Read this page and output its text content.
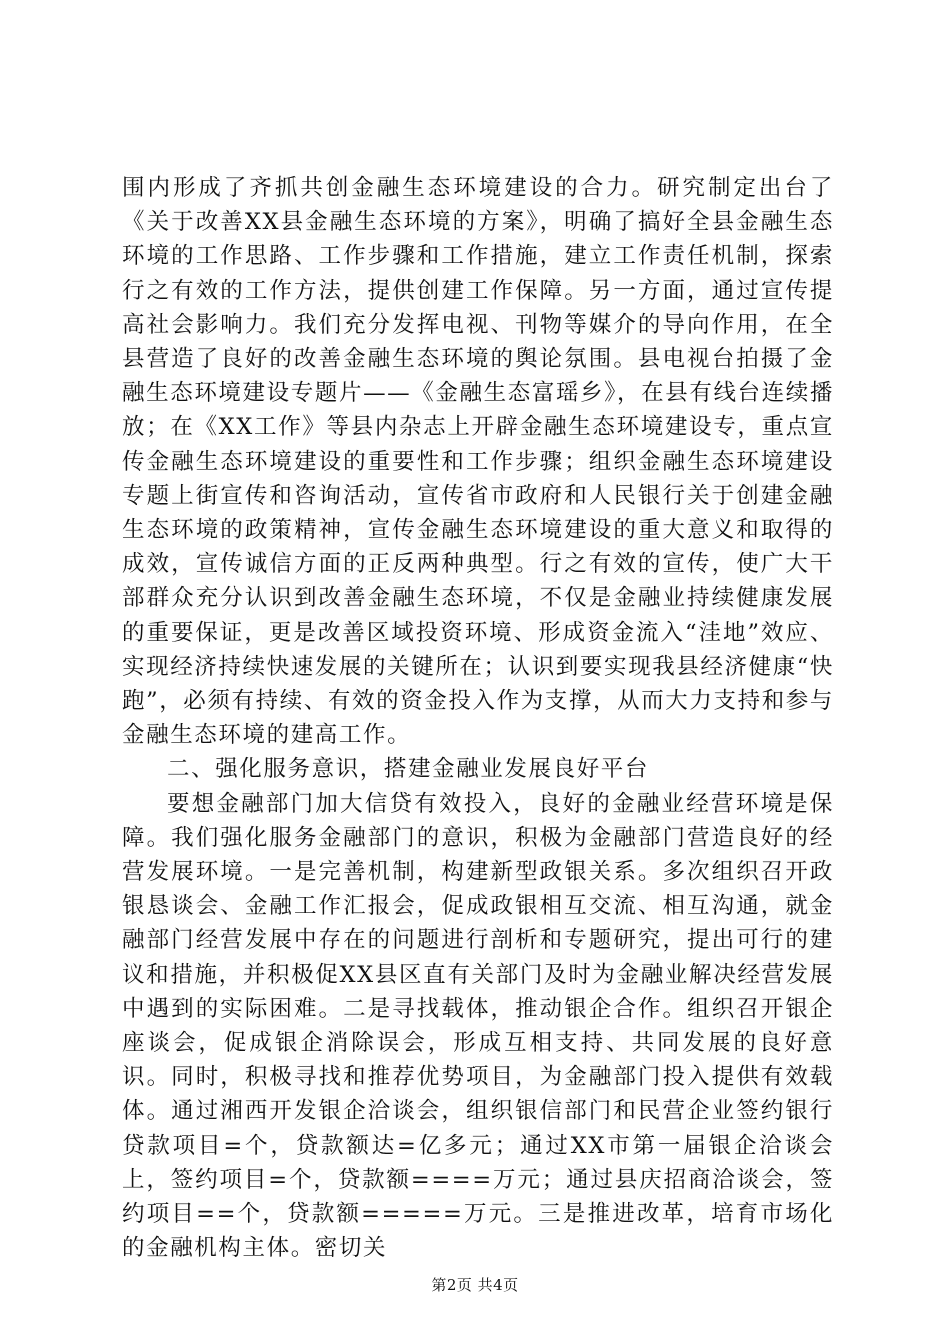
围内形成了齐抓共创金融生态环境建设的合力。研究制定出台了《关于改善XX县金融生态环境的方案》，明确了搞好全县金融生态环境的工作思路、工作步骤和工作措施，建立工作责任机制，探索行之有效的工作方法，提供创建工作保障。另一方面，通过宣传提高社会影响力。我们充分发挥电视、刊物等媒介的导向作用，在全县营造了良好的改善金融生态环境的舆论氛围。县电视台拍摄了金融生态环境建设专题片——《金融生态富瑶乡》，在县有线台连续播放；在《XX工作》等县内杂志上开辟金融生态环境建设专，重点宣传金融生态环境建设的重要性和工作步骤；组织金融生态环境建设专题上街宣传和咨询活动，宣传省市政府和人民银行关于创建金融生态环境的政策精神，宣传金融生态环境建设的重大意义和取得的成效，宣传诚信方面的正反两种典型。行之有效的宣传，使广大干部群众充分认识到改善金融生态环境，不仅是金融业持续健康发展的重要保证，更是改善区域投资环境、形成资金流入“洼地”效应、实现经济持续快速发展的关键所在；认识到要实现我县经济健康“快跑”，必须有持续、有效的资金投入作为支撑，从而大力支持和参与金融生态环境的建高工作。

二、强化服务意识，搭建金融业发展良好平台

要想金融部门加大信贷有效投入，良好的金融业经营环境是保障。我们强化服务金融部门的意识，积极为金融部门营造良好的经营发展环境。一是完善机制，构建新型政银关系。多次组织召开政银恳谈会、金融工作汇报会，促成政银相互交流、相互沟通，就金融部门经营发展中存在的问题进行剖析和专题研究，提出可行的建议和措施，并积极促XX县区直有关部门及时为金融业解决经营发展中遇到的实际困难。二是寻找载体，推动银企合作。组织召开银企座谈会，促成银企消除误会，形成互相支持、共同发展的良好意识。同时，积极寻找和推荐优势项目，为金融部门投入提供有效载体。通过湘西开发银企洽谈会，组织银信部门和民营企业签约银行贷款项目=个，贷款额达=亿多元；通过XX市第一届银企洽谈会上，签约项目=个，贷款额====万元；通过县庆招商洽谈会，签约项目==个，贷款额=====万元。三是推进改革，培育市场化的金融机构主体。密切关

第2页 共4页
